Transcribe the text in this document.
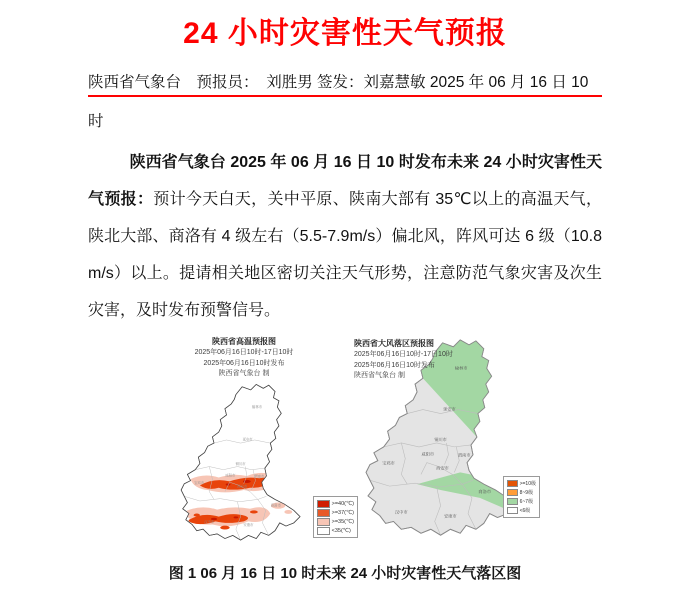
24 小时灾害性天气预报
陕西省气象台　预报员：　刘胜男 签发：刘嘉慧敏 2025 年 06 月 16 日 10
时

陕西省气象台 2025 年 06 月 16 日 10 时发布未来 24 小时灾害性天气预报：预计今天白天，关中平原、陕南大部有 35℃以上的高温天气，陕北大部、商洛有 4 级左右（5.5-7.9m/s）偏北风，阵风可达 6 级（10.8 m/s）以上。提请相关地区密切关注天气形势，注意防范气象灾害及次生灾害，及时发布预警信号。

陕西省高温预报图
2025年06月16日10时-17日10时
2025年06月16日10时发布
陕西省气象台 制
榆林市
延安市
铜川市
咸阳市	渭南市
西安市
宝鸡市
商洛市
汉中市
安康市
>=40(℃)
>=37(℃)
>=35(℃)
<35(℃)
陕西省大风落区预报图
2025年06月16日10时-17日10时
2025年06月16日10时发布
陕西省气象台 制
榆林市
延安市
铜川市
咸阳市	渭南市
西安市
宝鸡市
商洛市
汉中市
安康市
>=10级
8~9级
6~7级
<6级
图 1 06 月 16 日 10 时未来 24 小时灾害性天气落区图
